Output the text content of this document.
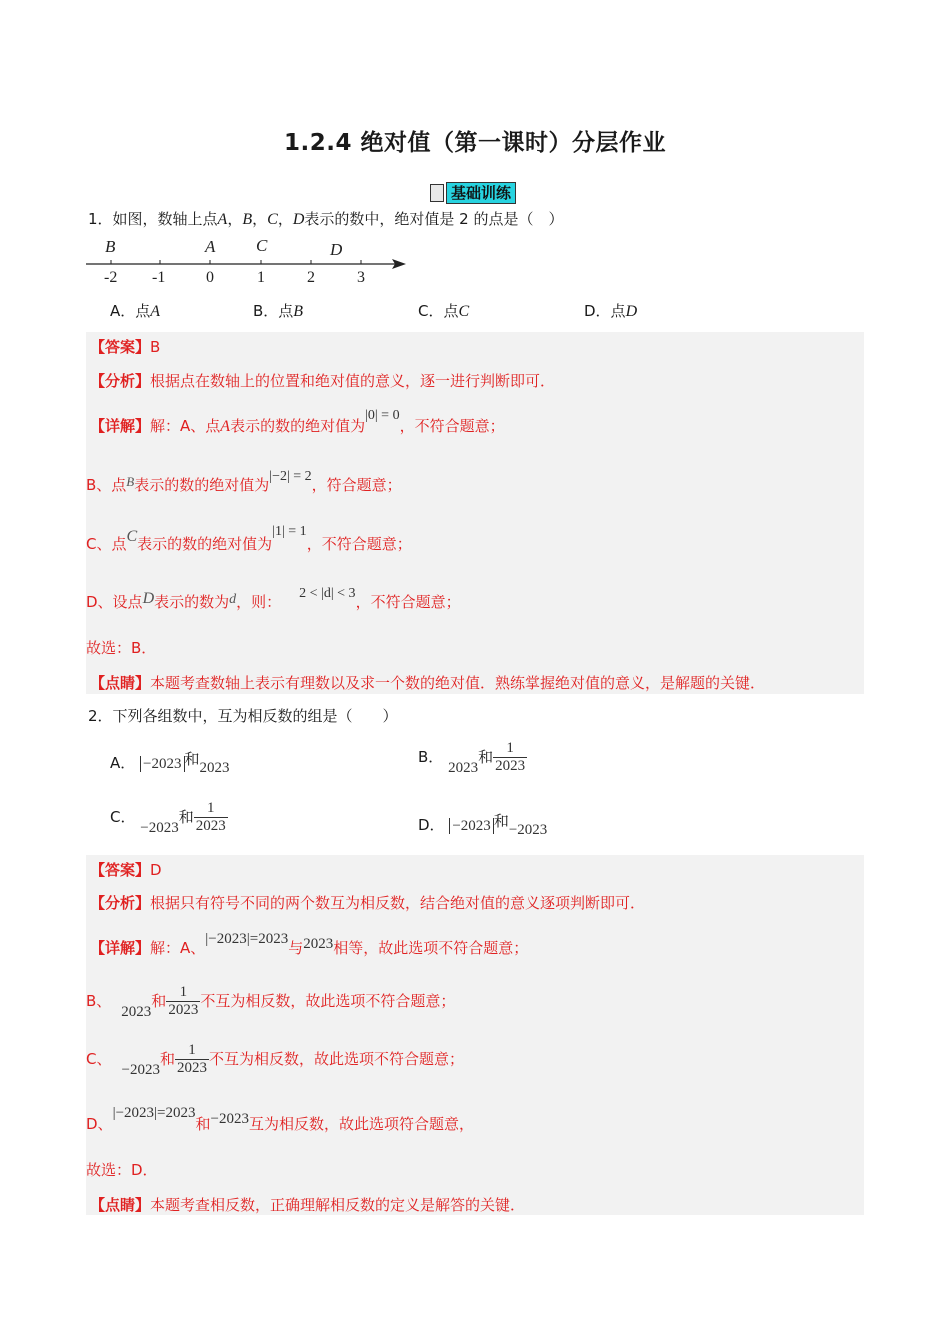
1.2.4 绝对值（第一课时）分层作业
基础训练
1．如图，数轴上点A，B，C，D表示的数中，绝对值是 2 的点是（　）
-2 -1	0	1	2	3
B	A C	D
A．点A	B．点B	C．点C	D．点D
【答案】B
【分析】根据点在数轴上的位置和绝对值的意义，逐一进行判断即可．
【详解】解：A、点A表示的数的绝对值为|0| = 0，不符合题意；
B、点B表示的数的绝对值为|−2| = 2，符合题意；
C、点C表示的数的绝对值为|1| = 1，不符合题意；
D、设点D表示的数为d，则： 2 < |d| < 3，不符合题意；
故选：B．
【点睛】本题考查数轴上表示有理数以及求一个数的绝对值．熟练掌握绝对值的意义，是解题的关键．
2．下列各组数中，互为相反数的组是（　　）
A． −2023 和2023
B． 2023和 $\frac{1}{2023}$
C． −2023和 $\frac{1}{2023}$	D． −2023 和−2023
【答案】D
【分析】根据只有符号不同的两个数互为相反数，结合绝对值的意义逐项判断即可．
【详解】解：A、|−2023|=2023与2023相等，故此选项不符合题意；
B、2023和 $\frac{1}{2023}$ 不互为相反数，故此选项不符合题意；
C、−2023和 $\frac{1}{2023}$ 不互为相反数，故此选项不符合题意；
D、|−2023|=2023和−2023互为相反数，故此选项符合题意，
故选：D．
【点睛】本题考查相反数，正确理解相反数的定义是解答的关键．
